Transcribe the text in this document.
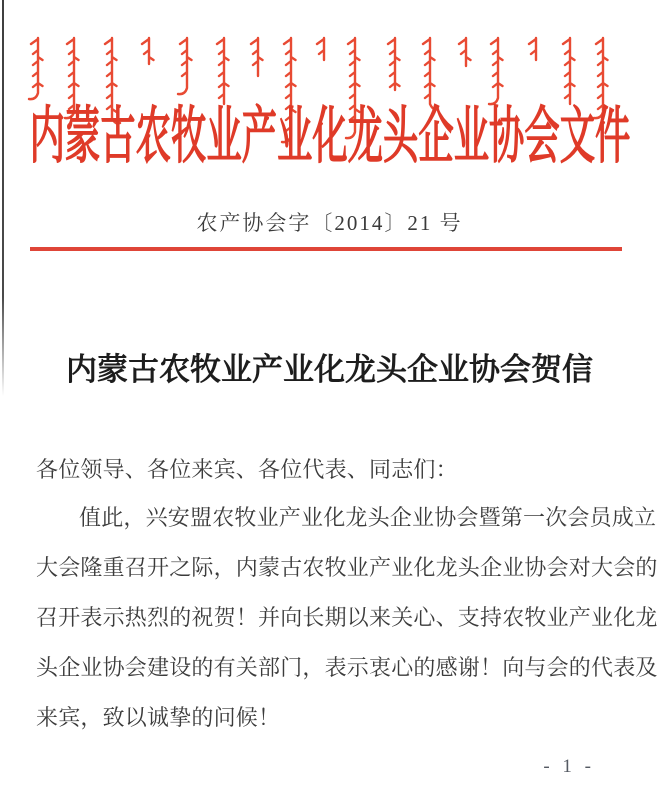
内蒙古农牧业产业化龙头企业协会文件
农产协会字〔2014〕21 号
内蒙古农牧业产业化龙头企业协会贺信
各位领导、各位来宾、各位代表、同志们：
值此，兴安盟农牧业产业化龙头企业协会暨第一次会员成立
大会隆重召开之际，内蒙古农牧业产业化龙头企业协会对大会的
召开表示热烈的祝贺！并向长期以来关心、支持农牧业产业化龙
头企业协会建设的有关部门，表示衷心的感谢！向与会的代表及
来宾，致以诚挚的问候！
- 1 -
